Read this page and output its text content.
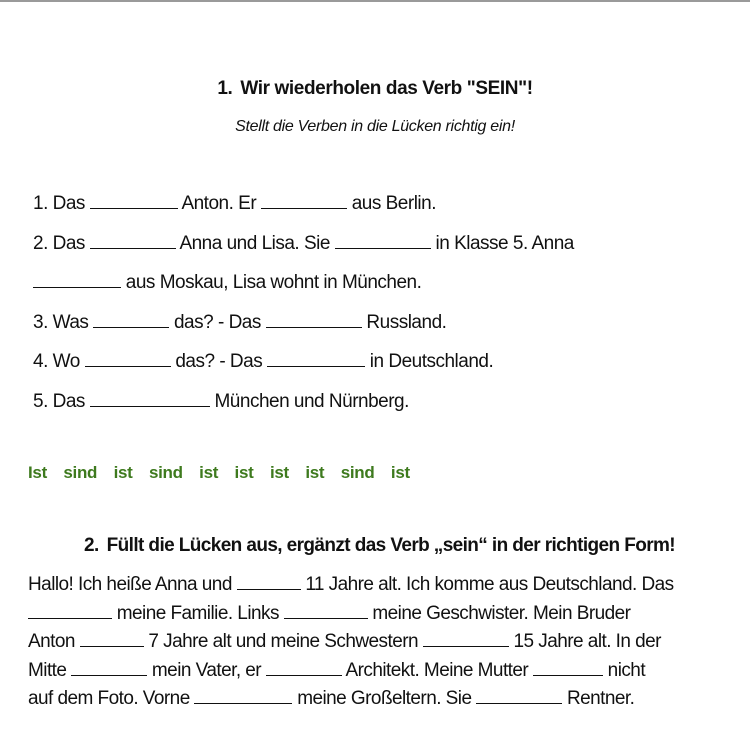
1. Wir wiederholen das Verb "SEIN"!
Stellt die Verben in die Lücken richtig ein!
1. Das	Anton. Er	aus Berlin.
2. Das	Anna und Lisa. Sie	in Klasse 5. Anna
aus Moskau, Lisa wohnt in München.
3. Was	das? - Das	Russland.
4. Wo	das? - Das	in Deutschland.
5. Das	München und Nürnberg.
Ist sind ist sind ist ist ist ist sind ist
2. Füllt die Lücken aus, ergänzt das Verb „sein“ in der richtigen Form!
Hallo! Ich heiße Anna und	11 Jahre alt. Ich komme aus Deutschland. Das
meine Familie. Links	meine Geschwister. Mein Bruder
Anton	7 Jahre alt und meine Schwestern	15 Jahre alt. In der
Mitte	mein Vater, er	Architekt. Meine Mutter	nicht
auf dem Foto. Vorne	meine Großeltern. Sie	Rentner.
